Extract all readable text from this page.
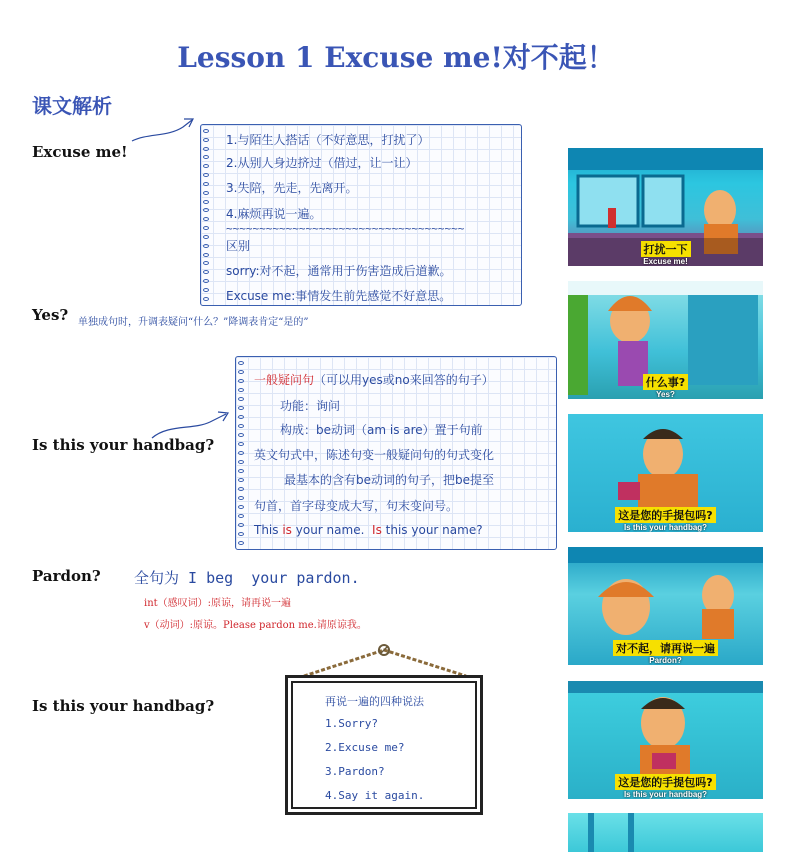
Lesson 1 Excuse me!对不起！
课文解析
Excuse me!
1.与陌生人搭话（不好意思，打扰了）
2.从别人身边挤过（借过，让一让）
3.失陪，先走，先离开。
4.麻烦再说一遍。
~~~~~~~~~~~~~~~~~~~~~~~~~~~~~~~~~~~~
区别
sorry:对不起，通常用于伤害造成后道歉。
Excuse me:事情发生前先感觉不好意思。
Yes? 单独成句时，升调表疑问“什么？”降调表肯定“是的”
Is this your handbag?
一般疑问句（可以用yes或no来回答的句子）
功能：询问
构成：be动词（am is are）置于句前
英文句式中，陈述句变一般疑问句的句式变化
最基本的含有be动词的句子，把be提至
句首，首字母变成大写，句末变问号。
This is your name. Is this your name?
Pardon? 全句为 I beg  your pardon.
int（感叹词）:原谅，请再说一遍
v（动词）:原谅。Please pardon me.请原谅我。
Is this your handbag?	再说一遍的四种说法
1.Sorry?
2.Excuse me?
3.Pardon?
4.Say it again.
打扰一下
Excuse me!
什么事?
Yes?
这是您的手提包吗?
Is this your handbag?
对不起，请再说一遍
Pardon?
这是您的手提包吗?
Is this your handbag?
